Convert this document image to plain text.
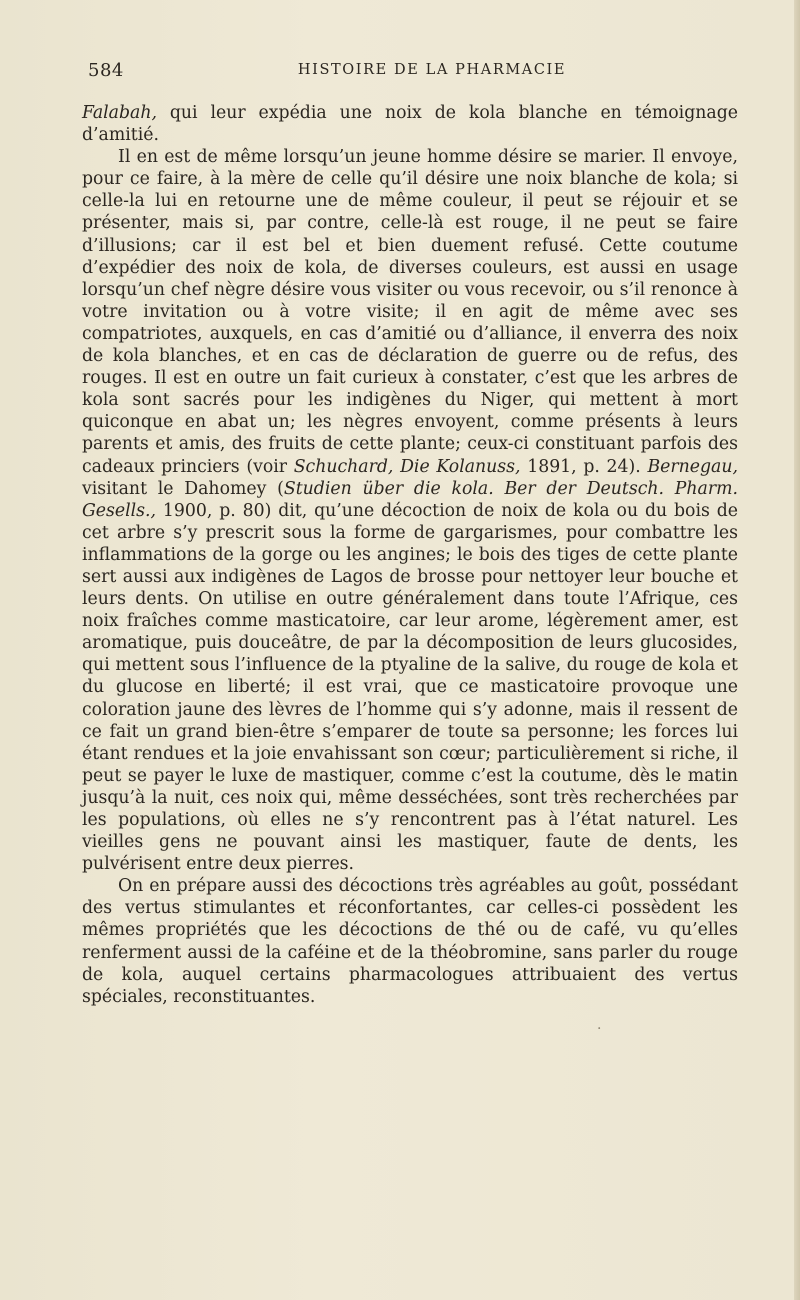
584	HISTOIRE DE LA PHARMACIE

Falabah, qui leur expédia une noix de kola blanche en témoignage d’amitié.

Il en est de même lorsqu’un jeune homme désire se marier. Il envoye, pour ce faire, à la mère de celle qu’il désire une noix blanche de kola; si celle-la lui en retourne une de même couleur, il peut se réjouir et se présenter, mais si, par contre, celle-là est rouge, il ne peut se faire d’illusions; car il est bel et bien duement refusé. Cette coutume d’expédier des noix de kola, de diverses couleurs, est aussi en usage lorsqu’un chef nègre désire vous visiter ou vous recevoir, ou s’il renonce à votre invitation ou à votre visite; il en agit de même avec ses compatriotes, auxquels, en cas d’amitié ou d’alliance, il enverra des noix de kola blanches, et en cas de déclaration de guerre ou de refus, des rouges. Il est en outre un fait curieux à constater, c’est que les arbres de kola sont sacrés pour les indigènes du Niger, qui mettent à mort quiconque en abat un; les nègres envoyent, comme présents à leurs parents et amis, des fruits de cette plante; ceux-ci constituant parfois des cadeaux princiers (voir Schuchard, Die Kolanuss, 1891, p. 24). Bernegau, visitant le Dahomey (Studien über die kola. Ber der Deutsch. Pharm. Gesells., 1900, p. 80) dit, qu’une décoction de noix de kola ou du bois de cet arbre s’y prescrit sous la forme de gargarismes, pour combattre les inflammations de la gorge ou les angines; le bois des tiges de cette plante sert aussi aux indigènes de Lagos de brosse pour nettoyer leur bouche et leurs dents. On utilise en outre généralement dans toute l’Afrique, ces noix fraîches comme masticatoire, car leur arome, légèrement amer, est aromatique, puis douceâtre, de par la décomposition de leurs glucosides, qui mettent sous l’influence de la ptyaline de la salive, du rouge de kola et du glucose en liberté; il est vrai, que ce masticatoire provoque une coloration jaune des lèvres de l’homme qui s’y adonne, mais il ressent de ce fait un grand bien-être s’emparer de toute sa personne; les forces lui étant rendues et la joie envahissant son cœur; particulièrement si riche, il peut se payer le luxe de mastiquer, comme c’est la coutume, dès le matin jusqu’à la nuit, ces noix qui, même desséchées, sont très recherchées par les populations, où elles ne s’y rencontrent pas à l’état naturel. Les vieilles gens ne pouvant ainsi les mastiquer, faute de dents, les pulvérisent entre deux pierres.

On en prépare aussi des décoctions très agréables au goût, possédant des vertus stimulantes et réconfortantes, car celles-ci possèdent les mêmes propriétés que les décoctions de thé ou de café, vu qu’elles renferment aussi de la caféine et de la théobromine, sans parler du rouge de kola, auquel certains pharmacologues attribuaient des vertus spéciales, reconstituantes.

·
